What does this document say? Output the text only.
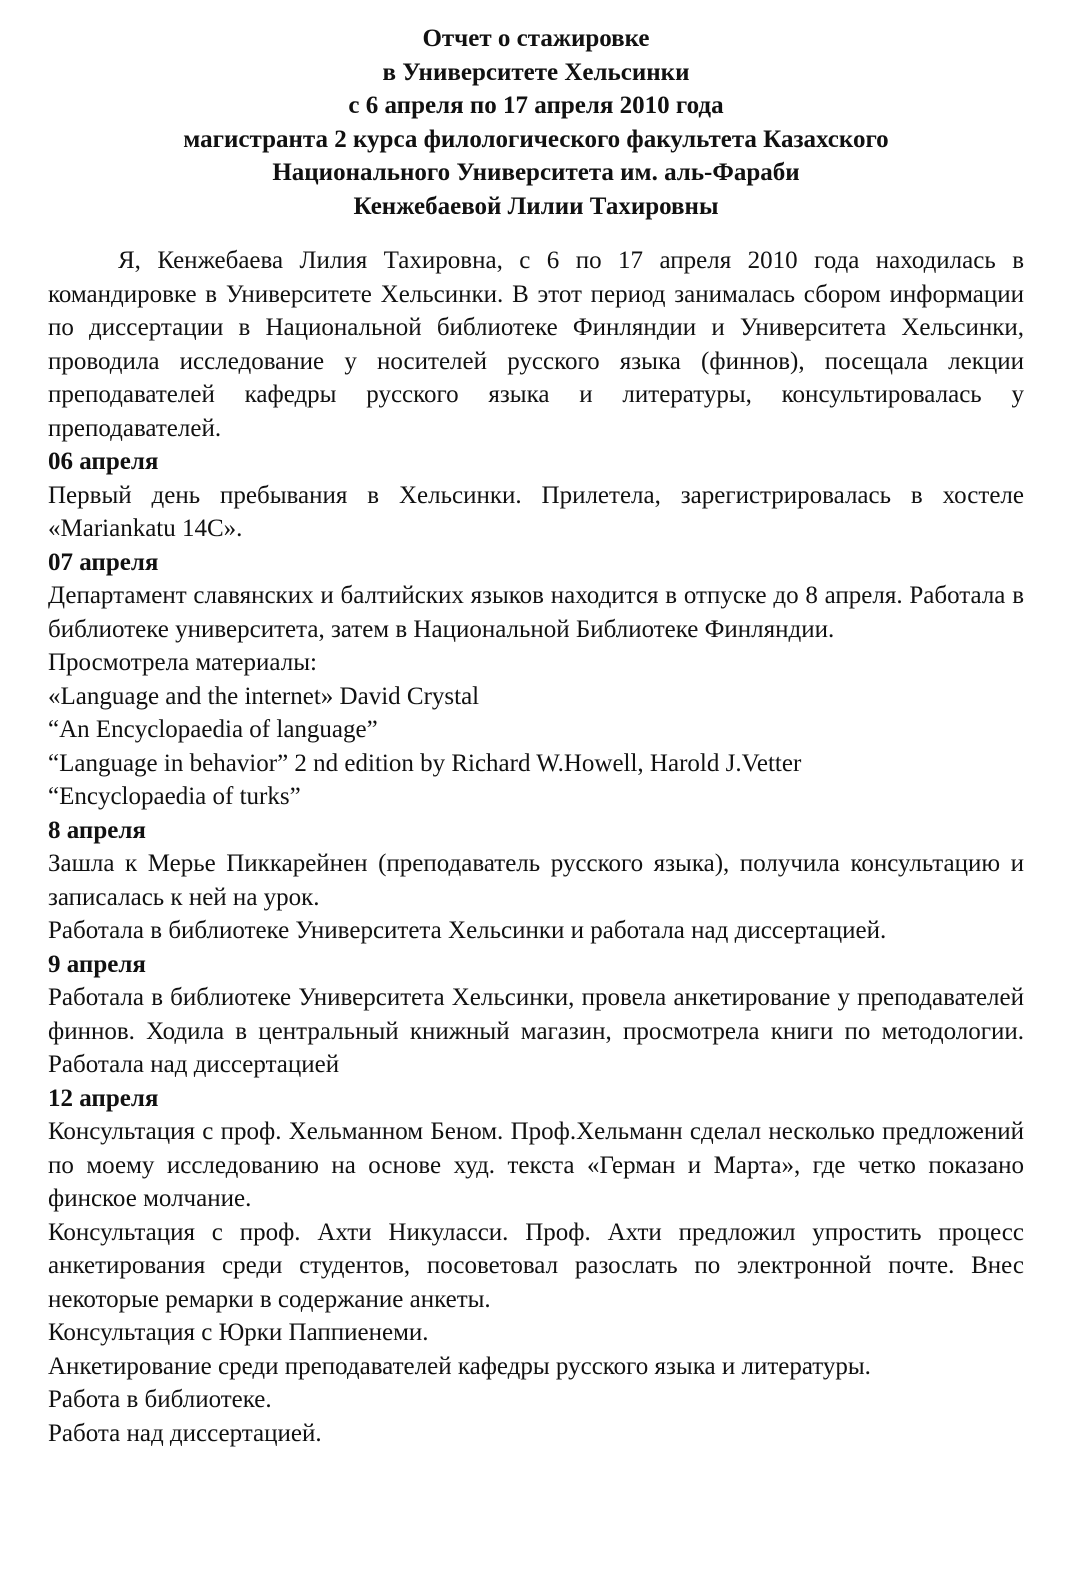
Отчет о стажировке
в Университете Хельсинки
с 6 апреля по 17 апреля 2010 года
магистранта 2 курса филологического факультета Казахского
Национального Университета им. аль-Фараби
Кенжебаевой Лилии Тахировны

Я, Кенжебаева Лилия Тахировна, с 6 по 17 апреля 2010 года находилась в командировке в Университете Хельсинки. В этот период занималась сбором информации по диссертации в Национальной библиотеке Финляндии и Университета Хельсинки, проводила исследование у носителей русского языка (финнов), посещала лекции преподавателей кафедры русского языка и литературы, консультировалась у преподавателей.

06 апреля

Первый день пребывания в Хельсинки. Прилетела, зарегистрировалась в хостеле «Mariankatu 14C».

07 апреля

Департамент славянских и балтийских языков находится в отпуске до 8 апреля. Работала в библиотеке университета, затем в Национальной Библиотеке Финляндии.

Просмотрела материалы:
«Language and the internet» David Crystal
“An Encyclopaedia of language”
“Language in behavior” 2 nd edition by Richard W.Howell, Harold J.Vetter
“Encyclopaedia of turks”
8 апреля

Зашла к Мерье Пиккарейнен (преподаватель русского языка), получила консультацию и записалась к ней на урок.

Работала в библиотеке Университета Хельсинки и работала над диссертацией.

9 апреля

Работала в библиотеке Университета Хельсинки, провела анкетирование у преподавателей финнов. Ходила в центральный книжный магазин, просмотрела книги по методологии. Работала над диссертацией

12 апреля

Консультация с проф. Хельманном Беном. Проф.Хельманн сделал несколько предложений по моему исследованию на основе худ. текста «Герман и Марта», где четко показано финское молчание.

Консультация с проф. Ахти Никуласси. Проф. Ахти предложил упростить процесс анкетирования среди студентов, посоветовал разослать по электронной почте. Внес некоторые ремарки в содержание анкеты.

Консультация с Юрки Паппиенеми.
Анкетирование среди преподавателей кафедры русского языка и литературы.
Работа в библиотеке.
Работа над диссертацией.
